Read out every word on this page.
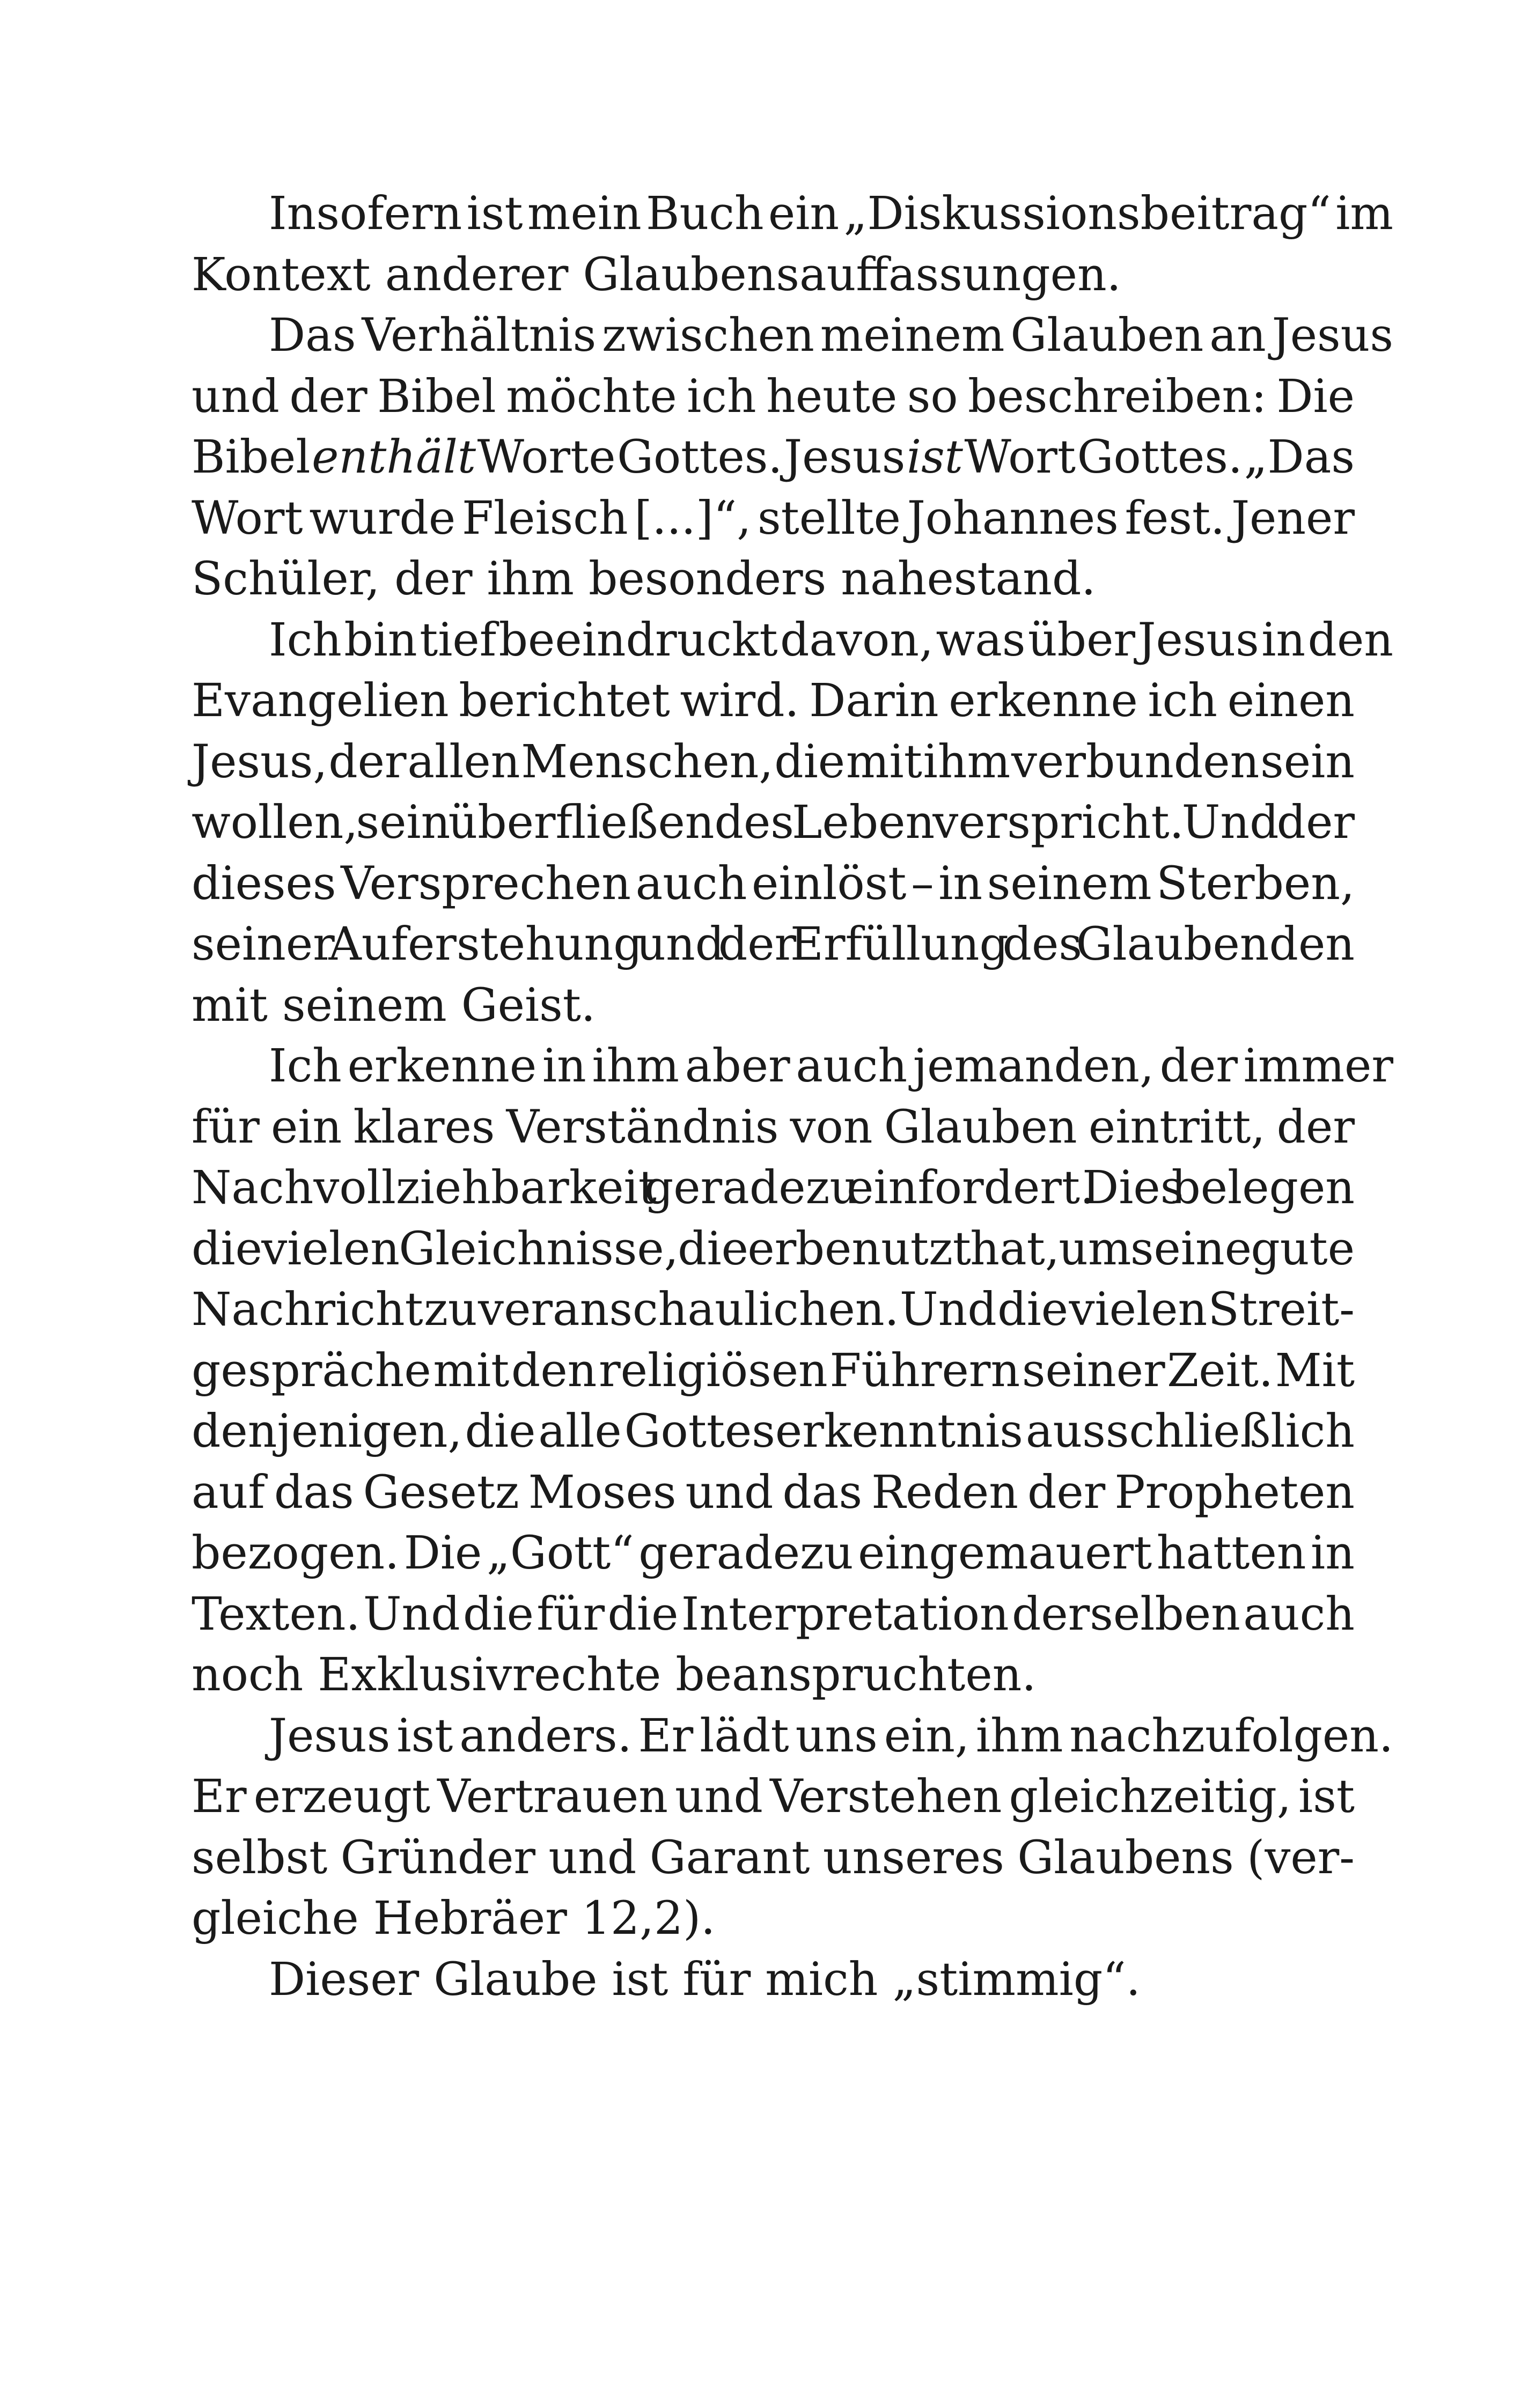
Insofern ist mein Buch ein „Diskussionsbeitrag“ im
Kontext anderer Glaubensauffassungen.

Das Verhältnis zwischen meinem Glauben an Jesus
und der Bibel möchte ich heute so beschreiben: Die
Bibel enthält Worte Gottes. Jesus ist Wort Gottes. „Das
Wort wurde Fleisch [...]“, stellte Johannes fest. Jener
Schüler, der ihm besonders nahestand.

Ich bin tief beeindruckt davon, was über Jesus in den
Evangelien berichtet wird. Darin erkenne ich einen
Jesus, der allen Menschen, die mit ihm verbunden sein
wollen, sein überfließendes Leben verspricht. Und der
dieses Versprechen auch einlöst – in seinem Sterben,
seiner Auferstehung und der Erfüllung des Glaubenden
mit seinem Geist.

Ich erkenne in ihm aber auch jemanden, der immer
für ein klares Verständnis von Glauben eintritt, der
Nachvollziehbarkeit geradezu einfordert. Dies belegen
die vielen Gleichnisse, die er benutzt hat, um seine gute
Nachricht zu veranschaulichen. Und die vielen Streit-
gespräche mit den religiösen Führern seiner Zeit. Mit
denjenigen, die alle Gotteserkenntnis ausschließlich
auf das Gesetz Moses und das Reden der Propheten
bezogen. Die „Gott“ geradezu eingemauert hatten in
Texten. Und die für die Interpretation derselben auch
noch Exklusivrechte beanspruchten.

Jesus ist anders. Er lädt uns ein, ihm nachzufolgen.
Er erzeugt Vertrauen und Verstehen gleichzeitig, ist
selbst Gründer und Garant unseres Glaubens (ver-
gleiche Hebräer 12,2).

Dieser Glaube ist für mich „stimmig“.
